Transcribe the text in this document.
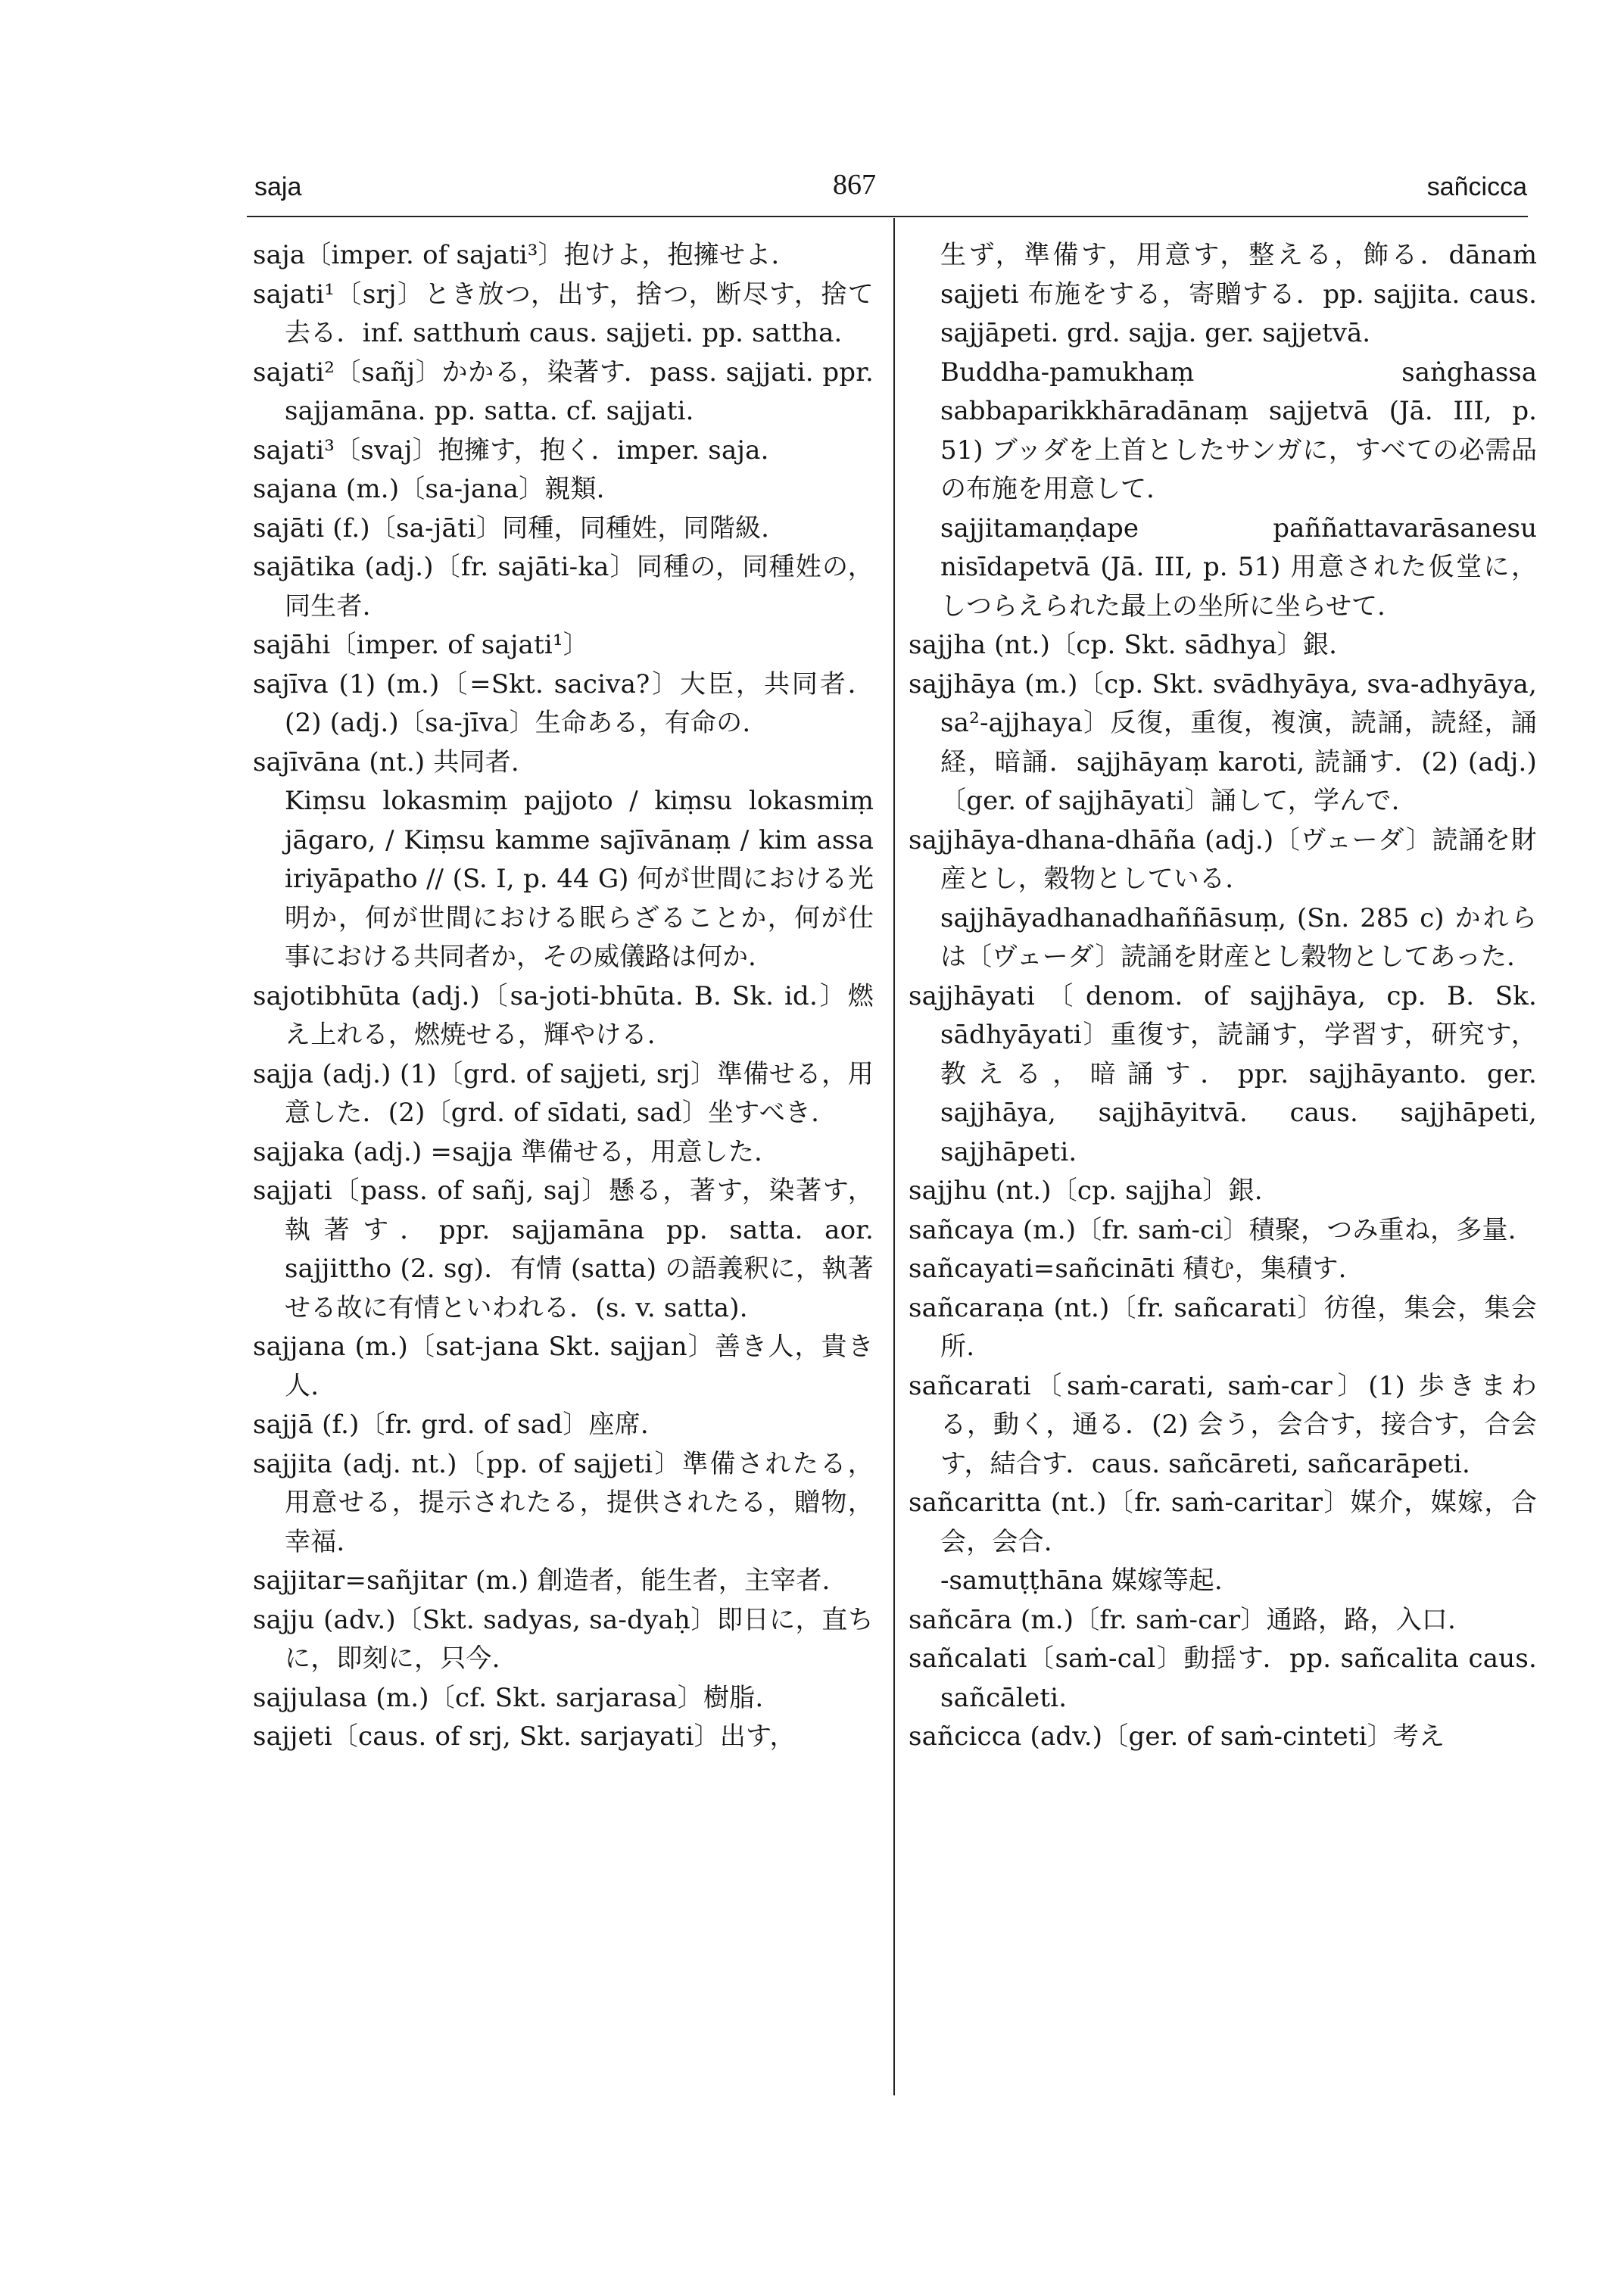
saja	867	sañcicca
saja〔imper. of sajati³〕抱けよ，抱擁せよ.
sajati¹〔srj〕とき放つ，出す，捨つ，断尽す，捨て去る．inf. satthuṁ caus. sajjeti. pp. sattha.
sajati²〔sañj〕かかる，染著す．pass. sajjati. ppr. sajjamāna. pp. satta. cf. sajjati.
sajati³〔svaj〕抱擁す，抱く．imper. saja.
sajana (m.)〔sa-jana〕親類.
sajāti (f.)〔sa-jāti〕同種，同種姓，同階級.
sajātika (adj.)〔fr. sajāti-ka〕同種の，同種姓の，同生者.
sajāhi〔imper. of sajati¹〕
sajīva (1) (m.)〔=Skt. saciva?〕大臣，共同者．(2) (adj.)〔sa-jīva〕生命ある，有命の.
sajīvāna (nt.) 共同者.
Kiṃsu lokasmiṃ pajjoto / kiṃsu lokasmiṃ jāgaro, / Kiṃsu kamme sajīvānaṃ / kim assa iriyāpatho // (S. I, p. 44 G) 何が世間における光明か，何が世間における眠らざることか，何が仕事における共同者か，その威儀路は何か.
sajotibhūta (adj.)〔sa-joti-bhūta. B. Sk. id.〕燃え上れる，燃焼せる，輝やける.
sajja (adj.) (1)〔grd. of sajjeti, srj〕準備せる，用意した．(2)〔grd. of sīdati, sad〕坐すべき.
sajjaka (adj.) =sajja 準備せる，用意した.
sajjati〔pass. of sañj, saj〕懸る，著す，染著す，執著す．ppr. sajjamāna pp. satta. aor. sajjittho (2. sg)．有情 (satta) の語義釈に，執著せる故に有情といわれる．(s. v. satta).
sajjana (m.)〔sat-jana Skt. sajjan〕善き人，貴き人.
sajjā (f.)〔fr. grd. of sad〕座席.
sajjita (adj. nt.)〔pp. of sajjeti〕準備されたる，用意せる，提示されたる，提供されたる，贈物，幸福.
sajjitar=sañjitar (m.) 創造者，能生者，主宰者.
sajju (adv.)〔Skt. sadyas, sa-dyaḥ〕即日に，直ちに，即刻に，只今.
sajjulasa (m.)〔cf. Skt. sarjarasa〕樹脂.
sajjeti〔caus. of srj, Skt. sarjayati〕出す，
生ず，準備す，用意す，整える，飾る．dānaṁ sajjeti 布施をする，寄贈する．pp. sajjita. caus. sajjāpeti. grd. sajja. ger. sajjetvā.
Buddha-pamukhaṃ saṅghassa sabbaparikkhāradānaṃ sajjetvā (Jā. III, p. 51) ブッダを上首としたサンガに，すべての必需品の布施を用意して.
sajjitamaṇḍape paññattavarāsanesu nisīdapetvā (Jā. III, p. 51) 用意された仮堂に，しつらえられた最上の坐所に坐らせて.
sajjha (nt.)〔cp. Skt. sādhya〕銀.
sajjhāya (m.)〔cp. Skt. svādhyāya, sva-adhyāya, sa²-ajjhaya〕反復，重復，複演，読誦，読経，誦経，暗誦．sajjhāyaṃ karoti, 読誦す．(2) (adj.)〔ger. of sajjhāyati〕誦して，学んで.
sajjhāya-dhana-dhāña (adj.)〔ヴェーダ〕読誦を財産とし，穀物としている.
sajjhāyadhanadhaññāsuṃ, (Sn. 285 c) かれらは〔ヴェーダ〕読誦を財産とし穀物としてあった.
sajjhāyati〔denom. of sajjhāya, cp. B. Sk. sādhyāyati〕重復す，読誦す，学習す，研究す，教える，暗誦す．ppr. sajjhāyanto. ger. sajjhāya, sajjhāyitvā. caus. sajjhāpeti, sajjhāpeti.
sajjhu (nt.)〔cp. sajjha〕銀.
sañcaya (m.)〔fr. saṁ-ci〕積聚，つみ重ね，多量.
sañcayati=sañcināti 積む，集積す.
sañcaraṇa (nt.)〔fr. sañcarati〕彷徨，集会，集会所.
sañcarati〔saṁ-carati, saṁ-car〕(1) 歩きまわる，動く，通る．(2) 会う，会合す，接合す，合会す，結合す．caus. sañcāreti, sañcarāpeti.
sañcaritta (nt.)〔fr. saṁ-caritar〕媒介，媒嫁，合会，会合.
-samuṭṭhāna 媒嫁等起.
sañcāra (m.)〔fr. saṁ-car〕通路，路，入口.
sañcalati〔saṁ-cal〕動揺す．pp. sañcalita caus. sañcāleti.
sañcicca (adv.)〔ger. of saṁ-cinteti〕考え
